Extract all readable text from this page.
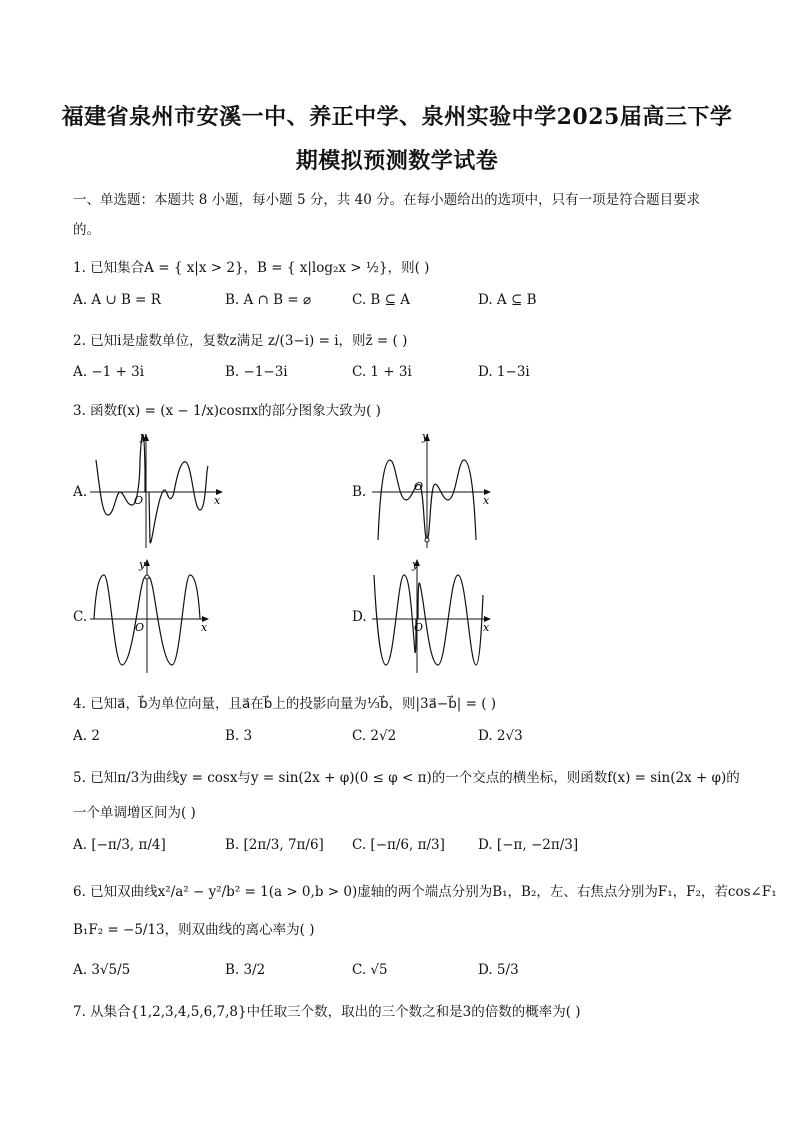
福建省泉州市安溪一中、养正中学、泉州实验中学2025届高三下学
期模拟预测数学试卷
一、单选题：本题共 8 小题，每小题 5 分，共 40 分。在每小题给出的选项中，只有一项是符合题目要求
的。
1. 已知集合A = { x|x > 2}，B = { x|log₂x > ½}，则( )
A. A ∪ B = R	B. A ∩ B = ⌀	C. B ⊆ A	D. A ⊆ B
2. 已知i是虚数单位，复数z满足 z/(3−i) = i，则z̄ = ( )
A. −1 + 3i	B. −1−3i	C. 1 + 3i	D. 1−3i
3. 函数f(x) = (x − 1/x)cosπx的部分图象大致为( )
A.	B.
C.	D.
y
x
O
y
x
O
y
x
O
y
x
O
4. 已知a⃗，b⃗为单位向量，且a⃗在b⃗上的投影向量为⅓b⃗，则|3a⃗−b⃗| = ( )
A. 2	B. 3	C. 2√2	D. 2√3
5. 已知π/3为曲线y = cosx与y = sin(2x + φ)(0 ≤ φ < π)的一个交点的横坐标，则函数f(x) = sin(2x + φ)的
一个单调增区间为( )
A. [−π/3, π/4]	B. [2π/3, 7π/6] C. [−π/6, π/3] D. [−π, −2π/3]
6. 已知双曲线x²/a² − y²/b² = 1(a > 0,b > 0)虚轴的两个端点分别为B₁，B₂，左、右焦点分别为F₁，F₂，若cos∠F₁
B₁F₂ = −5/13，则双曲线的离心率为( )
A. 3√5/5	B. 3/2	C. √5	D. 5/3
7. 从集合{1,2,3,4,5,6,7,8}中任取三个数，取出的三个数之和是3的倍数的概率为( )
